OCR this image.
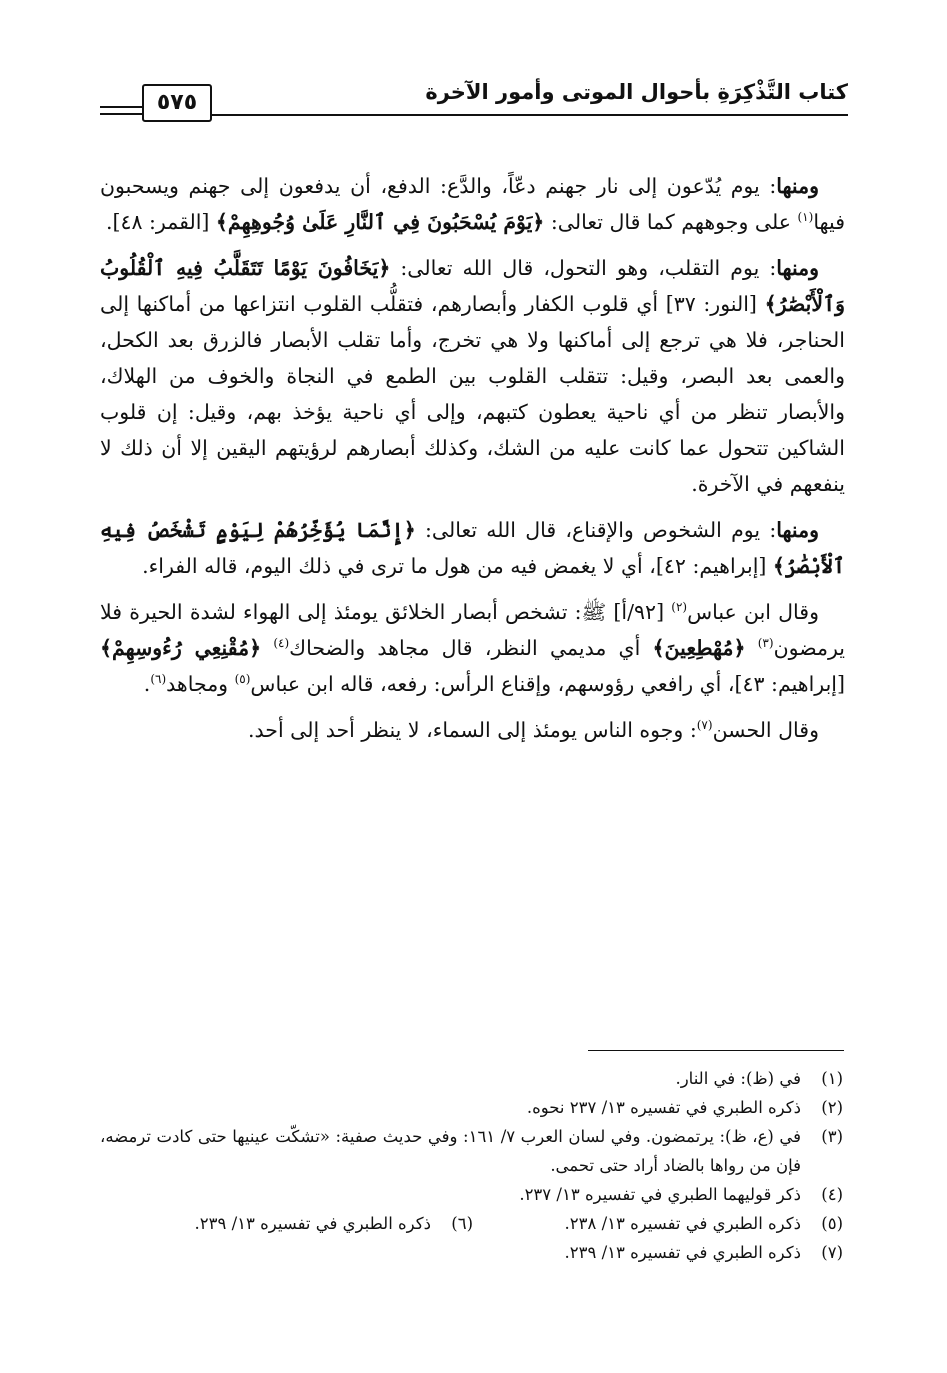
كتاب التَّذْكِرَةِ بأحوال الموتى وأمور الآخرة
٥٧٥

ومنها: يوم يُدّعون إلى نار جهنم دعّاً، والدَّع: الدفع، أن يدفعون إلى جهنم ويسحبون فيها$^{(١)}$ على وجوههم كما قال تعالى: ﴿يَوْمَ يُسْحَبُونَ فِي ٱلنَّارِ عَلَىٰ وُجُوهِهِمْ﴾ [القمر: ٤٨].

ومنها: يوم التقلب، وهو التحول، قال الله تعالى: ﴿يَخَافُونَ يَوْمًا تَتَقَلَّبُ فِيهِ ٱلْقُلُوبُ وَٱلْأَبْصَٰرُ﴾ [النور: ٣٧] أي قلوب الكفار وأبصارهم، فتقلُّب القلوب انتزاعها من أماكنها إلى الحناجر، فلا هي ترجع إلى أماكنها ولا هي تخرج، وأما تقلب الأبصار فالزرق بعد الكحل، والعمى بعد البصر، وقيل: تتقلب القلوب بين الطمع في النجاة والخوف من الهلاك، والأبصار تنظر من أي ناحية يعطون كتبهم، وإلى أي ناحية يؤخذ بهم، وقيل: إن قلوب الشاكين تتحول عما كانت عليه من الشك، وكذلك أبصارهم لرؤيتهم اليقين إلا أن ذلك لا ينفعهم في الآخرة.

ومنها: يوم الشخوص والإقناع، قال الله تعالى: ﴿إِنَّمَا يُؤَخِّرُهُمْ لِيَوْمٍ تَشْخَصُ فِيهِ ٱلْأَبْصَٰرُ﴾ [إبراهيم: ٤٢]، أي لا يغمض فيه من هول ما ترى في ذلك اليوم، قاله الفراء.

وقال ابن عباس$^{(٢)}$ [٩٢/أ] ﷺ: تشخص أبصار الخلائق يومئذ إلى الهواء لشدة الحيرة فلا يرمضون$^{(٣)}$ ﴿مُهْطِعِينَ﴾ أي مديمي النظر، قال مجاهد والضحاك$^{(٤)}$ ﴿مُقْنِعِي رُءُوسِهِمْ﴾ [إبراهيم: ٤٣]، أي رافعي رؤوسهم، وإقناع الرأس: رفعه، قاله ابن عباس$^{(٥)}$ ومجاهد$^{(٦)}$.

وقال الحسن$^{(٧)}$: وجوه الناس يومئذ إلى السماء، لا ينظر أحد إلى أحد.

(١)
في (ظ): في النار.
(٢)
ذكره الطبري في تفسيره ١٣/ ٢٣٧ نحوه.
(٣)
في (ع، ظ): يرتمضون. وفي لسان العرب ٧/ ١٦١: وفي حديث صفية: «تشكّت عينيها حتى كادت ترمضه، فإن من رواها بالضاد أراد حتى تحمى.
(٤)
ذكر قوليهما الطبري في تفسيره ١٣/ ٢٣٧.
(٥)
ذكره الطبري في تفسيره ١٣/ ٢٣٨.
(٦)
ذكره الطبري في تفسيره ١٣/ ٢٣٩.
(٧)
ذكره الطبري في تفسيره ١٣/ ٢٣٩.
